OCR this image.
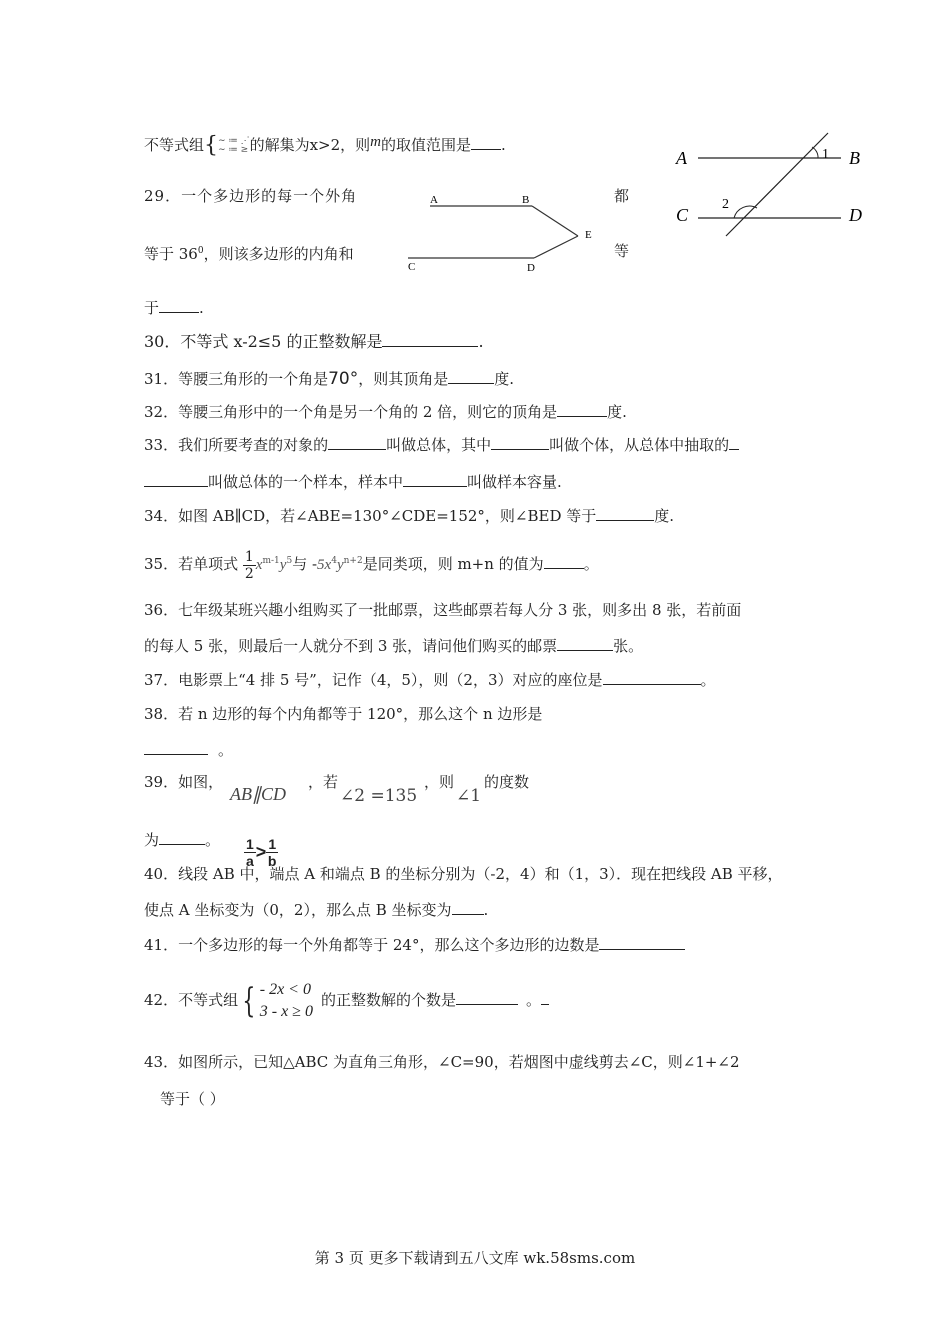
不等式组{∼ ≔ ⋰
∼ ≔ ≥的解集为x>2，则m的取值范围是 .
A	B
C	D
1
2
29．一个多边形的每一个外角	都
等于 $36^0$，则该多边形的内角和	等
于	.
A	B
E
C	D
30．不等式 x-2≤5 的正整数解是	.
31．等腰三角形的一个角是70°，则其顶角是	度.
32．等腰三角形中的一个角是另一个角的 2 倍，则它的顶角是	度.
33．我们所要考查的对象的	叫做总体，其中	叫做个体，从总体中抽取的
叫做总体的一个样本，样本中	叫做样本容量.
34．如图 AB∥CD，若∠ABE=130°∠CDE=152°，则∠BED 等于	度.
35．若单项式 $\frac{1}{2} x^{m-1}y^5$与 $-5x^4y^{n+2}$是同类项，则 m+n 的值为	。
36．七年级某班兴趣小组购买了一批邮票，这些邮票若每人分 3 张，则多出 8 张，若前面
的每人 5 张，则最后一人就分不到 3 张，请问他们购买的邮票	张。
37．电影票上“4 排 5 号”，记作（4，5），则（2，3）对应的座位是	。
38．若 n 边形的每个内角都等于 120°，那么这个 n 边形是
。
39．如图，
AB∥CD
，若
∠2 =135
，则
∠1
的度数
为	。 $\frac{1}{a} > \frac{1}{b}$
40．线段 AB 中，端点 A 和端点 B 的坐标分别为（-2，4）和（1，3）．现在把线段 AB 平移，
使点 A 坐标变为（0，2），那么点 B 坐标变为 .
41．一个多边形的每一个外角都等于 24°，那么这个多边形的边数是
42．不等式组 { - 2x < 0
3 - x ≥ 0
的正整数解的个数是	。
43．如图所示，已知△ABC 为直角三角形，∠C=90，若烟图中虚线剪去∠C，则∠1+∠2
等于（ ）
第 3 页 更多下载请到五八文库 wk.58sms.com
